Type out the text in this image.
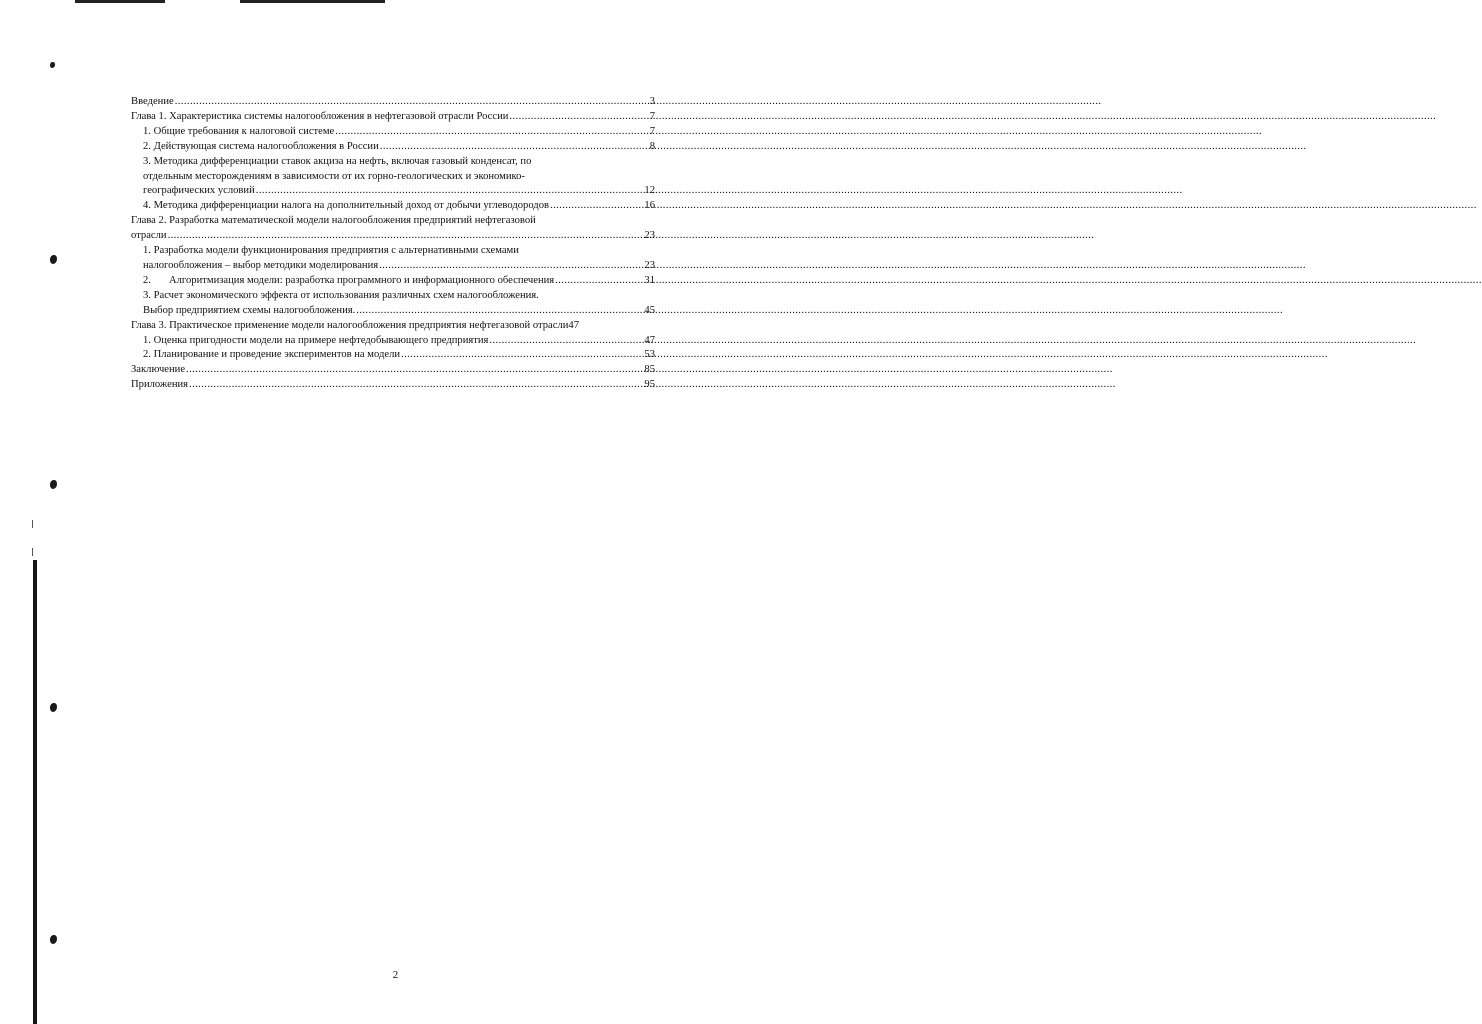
Введение .....	3
Глава 1. Характеристика системы налогообложения в нефтегазовой отрасли России .....	7
1. Общие требования к налоговой системе .....	7
2. Действующая система налогообложения в России .....	8
3. Методика дифференциации ставок акциза на нефть, включая газовый конденсат, по
отдельным месторождениям в зависимости от их горно-геологических и экономико-
географических условий .....	12
4. Методика дифференциации налога на дополнительный доход от добычи углеводородов .....	16
Глава 2. Разработка математической модели налогообложения предприятий нефтегазовой
отрасли .....	23
1. Разработка модели функционирования предприятия с альтернативными схемами
налогообложения – выбор методики моделирования .....	23
2. Алгоритмизация модели: разработка программного и информационного обеспечения .....	31
3. Расчет экономического эффекта от использования различных схем налогообложения.
Выбор предприятием схемы налогообложения. .....	45
Глава 3. Практическое применение модели налогообложения предприятия нефтегазовой отрасли 47
1. Оценка пригодности модели на примере нефтедобывающего предприятия .....	47
2. Планирование и проведение экспериментов на модели .....	53
Заключение .....	85
Приложения .....	95
2
